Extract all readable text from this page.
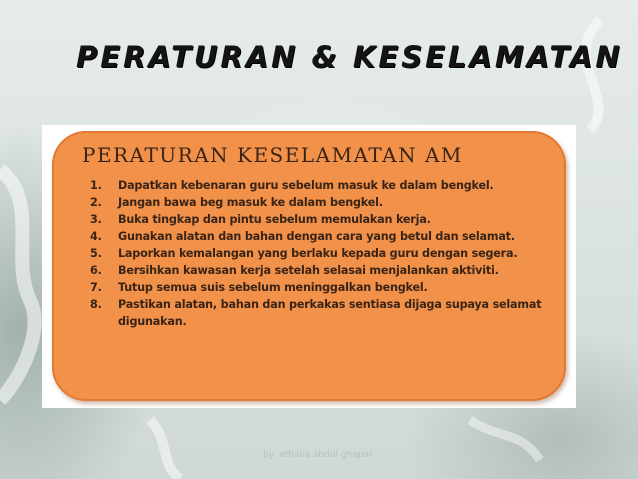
PERATURAN & KESELAMATAN
PERATURAN KESELAMATAN AM
1.	Dapatkan kebenaran guru sebelum masuk ke dalam bengkel.
2.	Jangan bawa beg masuk ke dalam bengkel.
3.	Buka tingkap dan pintu sebelum memulakan kerja.
4.	Gunakan alatan dan bahan dengan cara yang betul dan selamat.
5.	Laporkan kemalangan yang berlaku kepada guru dengan segera.
6.	Bersihkan kawasan kerja setelah selasai menjalankan aktiviti.
7.	Tutup semua suis sebelum meninggalkan bengkel.
8.	Pastikan alatan, bahan dan perkakas sentiasa dijaga supaya selamat digunakan.
by: athalia abdul ghapar
